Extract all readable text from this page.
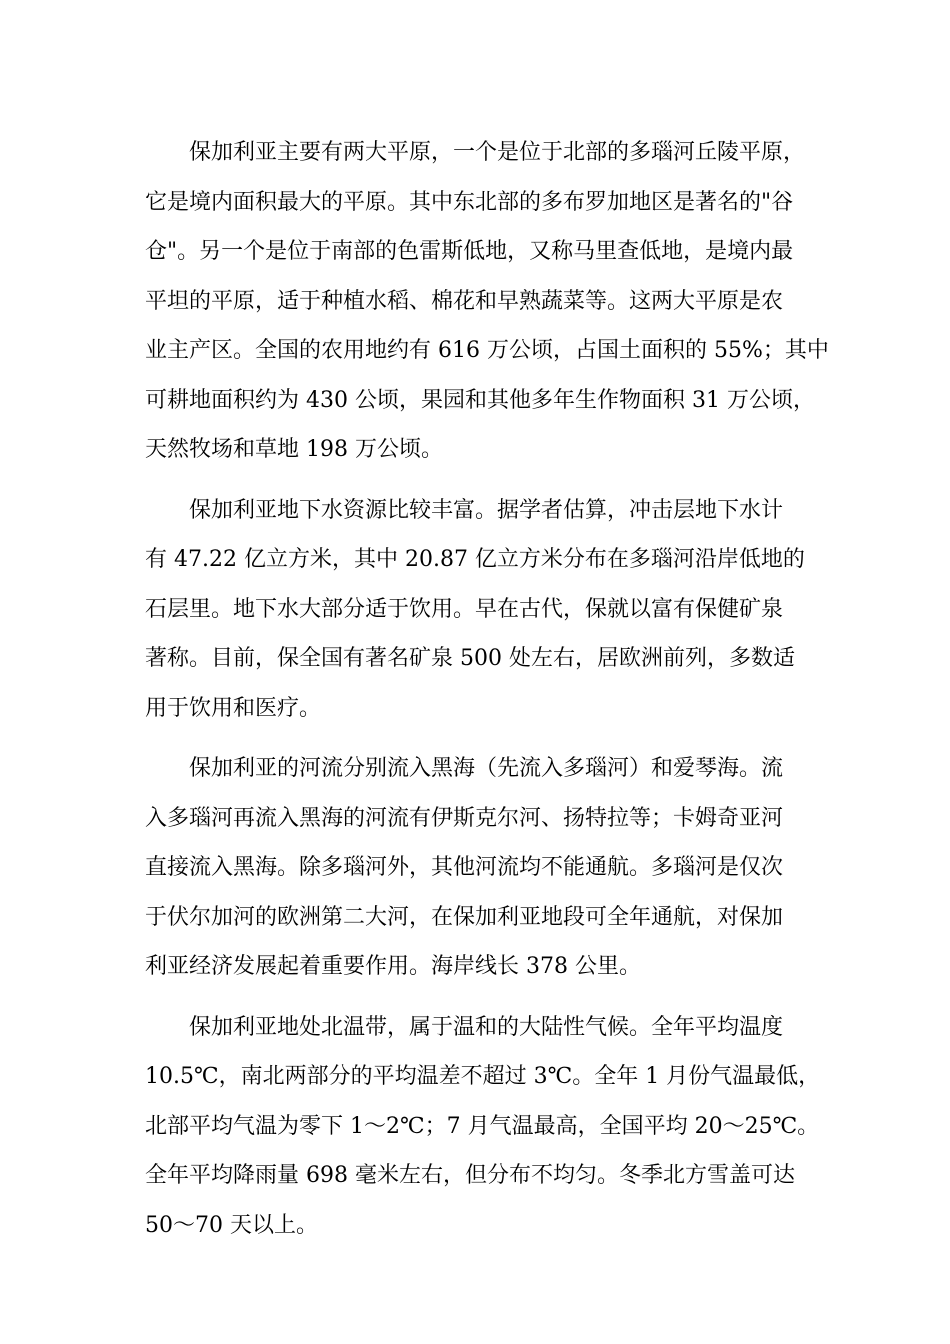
保加利亚主要有两大平原，一个是位于北部的多瑙河丘陵平原，
它是境内面积最大的平原。其中东北部的多布罗加地区是著名的"谷
仓"。另一个是位于南部的色雷斯低地，又称马里查低地，是境内最
平坦的平原，适于种植水稻、棉花和早熟蔬菜等。这两大平原是农
业主产区。全国的农用地约有 616 万公顷，占国土面积的 55%；其中
可耕地面积约为 430 公顷，果园和其他多年生作物面积 31 万公顷，
天然牧场和草地 198 万公顷。
保加利亚地下水资源比较丰富。据学者估算，冲击层地下水计
有 47.22 亿立方米，其中 20.87 亿立方米分布在多瑙河沿岸低地的
石层里。地下水大部分适于饮用。早在古代，保就以富有保健矿泉
著称。目前，保全国有著名矿泉 500 处左右，居欧洲前列，多数适
用于饮用和医疗。
保加利亚的河流分别流入黑海（先流入多瑙河）和爱琴海。流
入多瑙河再流入黑海的河流有伊斯克尔河、扬特拉等；卡姆奇亚河
直接流入黑海。除多瑙河外，其他河流均不能通航。多瑙河是仅次
于伏尔加河的欧洲第二大河，在保加利亚地段可全年通航，对保加
利亚经济发展起着重要作用。海岸线长 378 公里。
保加利亚地处北温带，属于温和的大陆性气候。全年平均温度
10.5℃，南北两部分的平均温差不超过 3℃。全年 1 月份气温最低，
北部平均气温为零下 1～2℃；7 月气温最高，全国平均 20～25℃。
全年平均降雨量 698 毫米左右，但分布不均匀。冬季北方雪盖可达
50～70 天以上。
